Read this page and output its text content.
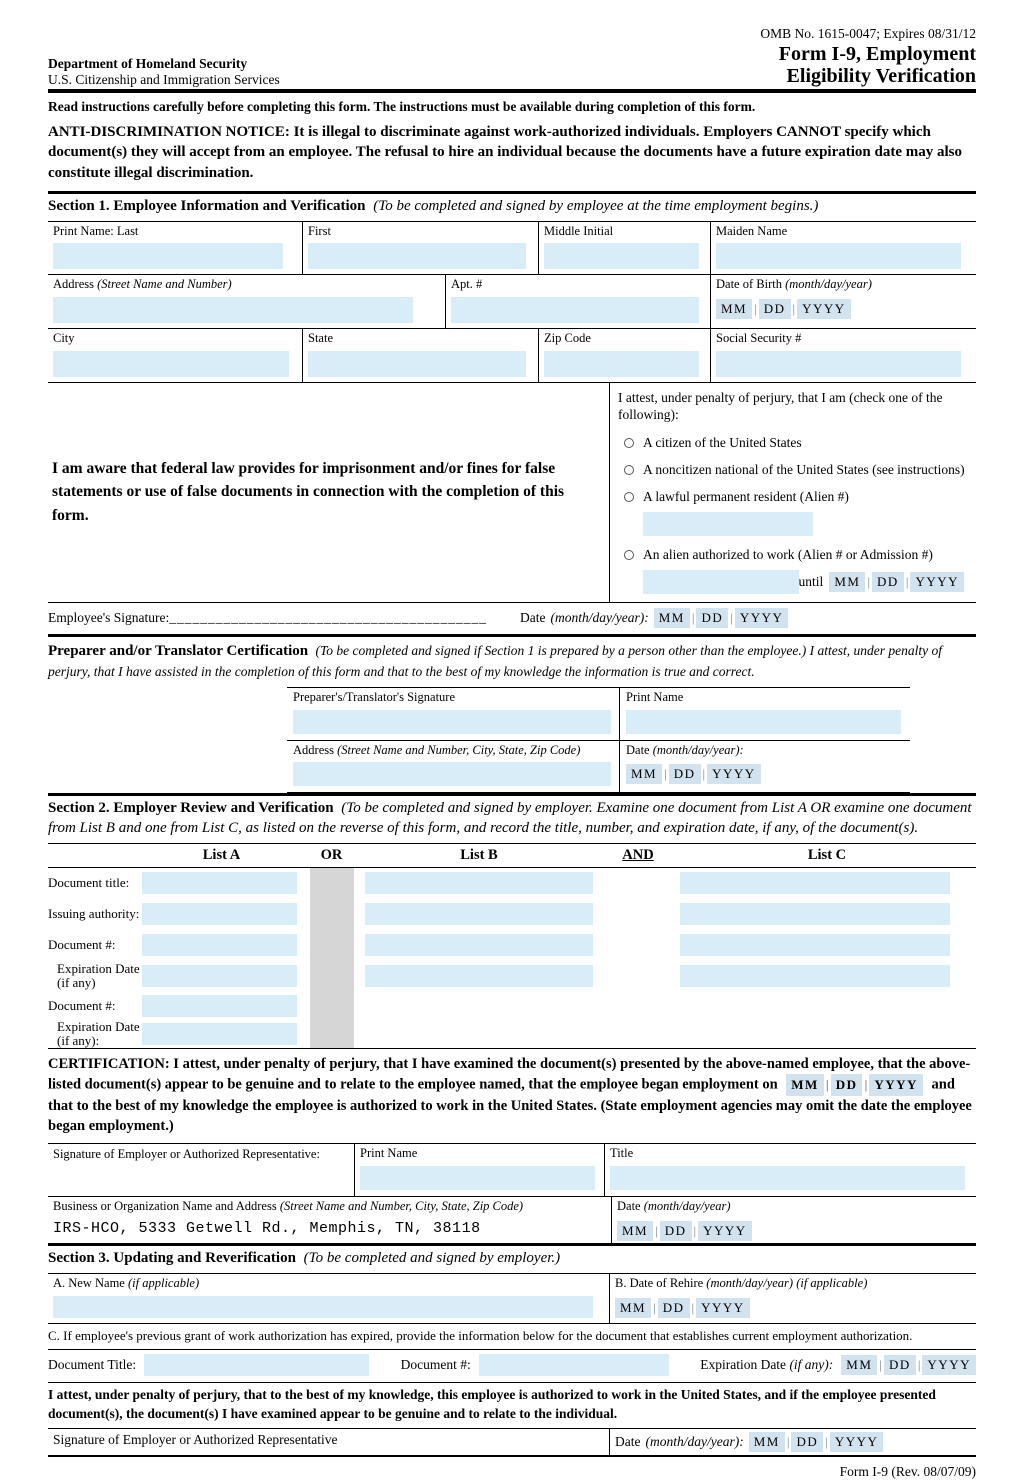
Department of Homeland Security
U.S. Citizenship and Immigration Services
OMB No. 1615-0047; Expires 08/31/12
Form I-9, Employment
Eligibility Verification
Read instructions carefully before completing this form. The instructions must be available during completion of this form.
ANTI-DISCRIMINATION NOTICE: It is illegal to discriminate against work-authorized individuals. Employers CANNOT specify which document(s) they will accept from an employee. The refusal to hire an individual because the documents have a future expiration date may also constitute illegal discrimination.
Section 1. Employee Information and Verification (To be completed and signed by employee at the time employment begins.)
Print Name: Last	First	Middle Initial	Maiden Name
Address (Street Name and Number)	Apt. #	Date of Birth (month/day/year)
MM | DD | YYYY
City	State	Zip Code	Social Security #
I am aware that federal law provides for imprisonment and/or fines for false statements or use of false documents in connection with the completion of this form.
I attest, under penalty of perjury, that I am (check one of the following):
A citizen of the United States
A noncitizen national of the United States (see instructions)
A lawful permanent resident (Alien #)
An alien authorized to work (Alien # or Admission #)
until MM | DD | YYYY
Employee's Signature:_________________________________________	Date (month/day/year): MM | DD | YYYY
Preparer and/or Translator Certification (To be completed and signed if Section 1 is prepared by a person other than the employee.) I attest, under penalty of perjury, that I have assisted in the completion of this form and that to the best of my knowledge the information is true and correct.
Preparer's/Translator's Signature	Print Name
Address (Street Name and Number, City, State, Zip Code)	Date (month/day/year):
MM | DD | YYYY
Section 2. Employer Review and Verification (To be completed and signed by employer. Examine one document from List A OR examine one document from List B and one from List C, as listed on the reverse of this form, and record the title, number, and expiration date, if any, of the document(s).
List A	OR	List B	AND	List C
Document title:
Issuing authority:
Document #:
Expiration Date (if any)
Document #:
Expiration Date (if any):
CERTIFICATION: I attest, under penalty of perjury, that I have examined the document(s) presented by the above-named employee, that the above-listed document(s) appear to be genuine and to relate to the employee named, that the employee began employment on	MM | DD | YYYY and that to the best of my knowledge the employee is authorized to work in the United States. (State employment agencies may omit the date the employee began employment.)
Signature of Employer or Authorized Representative:	Print Name	Title
Business or Organization Name and Address (Street Name and Number, City, State, Zip Code)
IRS-HCO, 5333 Getwell Rd., Memphis, TN, 38118
Date (month/day/year)
MM | DD | YYYY
Section 3. Updating and Reverification (To be completed and signed by employer.)
A. New Name (if applicable)	B. Date of Rehire (month/day/year) (if applicable)
MM | DD | YYYY
C. If employee's previous grant of work authorization has expired, provide the information below for the document that establishes current employment authorization.
Document Title:	Document #:	Expiration Date (if any):	MM | DD | YYYY
I attest, under penalty of perjury, that to the best of my knowledge, this employee is authorized to work in the United States, and if the employee presented document(s), the document(s) I have examined appear to be genuine and to relate to the individual.
Signature of Employer or Authorized Representative	Date (month/day/year): MM | DD | YYYY
Form I-9 (Rev. 08/07/09)
